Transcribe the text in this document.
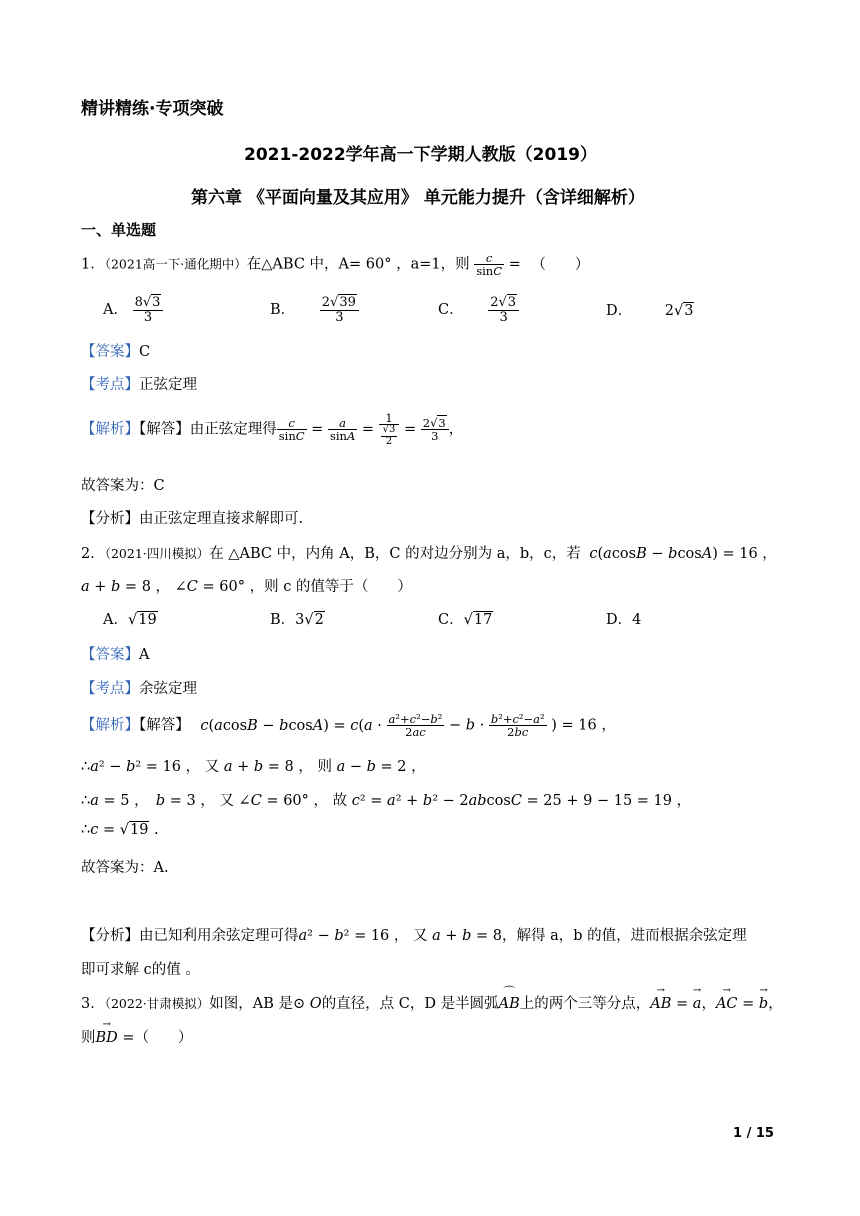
精讲精练·专项突破
2021-2022学年高一下学期人教版（2019）
第六章 《平面向量及其应用》 单元能力提升（含详细解析）
一、单选题
1．（2021高一下·通化期中）在△ABC 中，A= 60° ，a=1，则 $\frac{c}{\sin C}$ = （　　）
A． $\frac{8√3}{3}$	B． $\frac{2√39}{3}$	C． $\frac{2√3}{3}$	D． 2√3
【答案】C
【考点】正弦定理
【解析】【解答】由正弦定理得 $\frac{c}{\sin C} = \frac{a}{\sin A} = \frac{1}{\frac{√3}{2}} = \frac{2√3}{3}$ ，
故答案为：C
【分析】由正弦定理直接求解即可.
2．（2021·四川模拟）在 △ABC 中，内角 A，B，C 的对边分别为 a，b，c，若 c(acosB − bcosA) = 16 ，
a + b = 8 ， ∠C = 60° ，则 c 的值等于（　　）
A．√19	B．3√2	C．√17	D．4
【答案】A
【考点】余弦定理
【解析】【解答】 $c(acosB - bcosA) = c(a \cdot \frac{\text{a²+c²−b²}}{2ac} - b \cdot \frac{\text{b²+c²−a²}}{2bc}$ ) = 16 ，
∴a² − b² = 16 ， 又 a + b = 8 ， 则 a − b = 2 ，
∴a = 5 ，　b = 3 ， 又 ∠C = 60° ， 故 c² = a² + b² − 2abcosC = 25 + 9 − 15 = 19 ，
∴c = √19 .
故答案为：A.
【分析】由已知利用余弦定理可得a² − b² = 16 ， 又 a + b = 8，解得 a，b 的值，进而根据余弦定理
即可求解 c的值 。
3．（2022·甘肃模拟）如图，AB 是⊙ O的直径，点 C，D 是半圆弧⌒ AB上的两个三等分点，→ AB = → a，→ AC = → b，
则→ BD =（　　）
1 / 15
